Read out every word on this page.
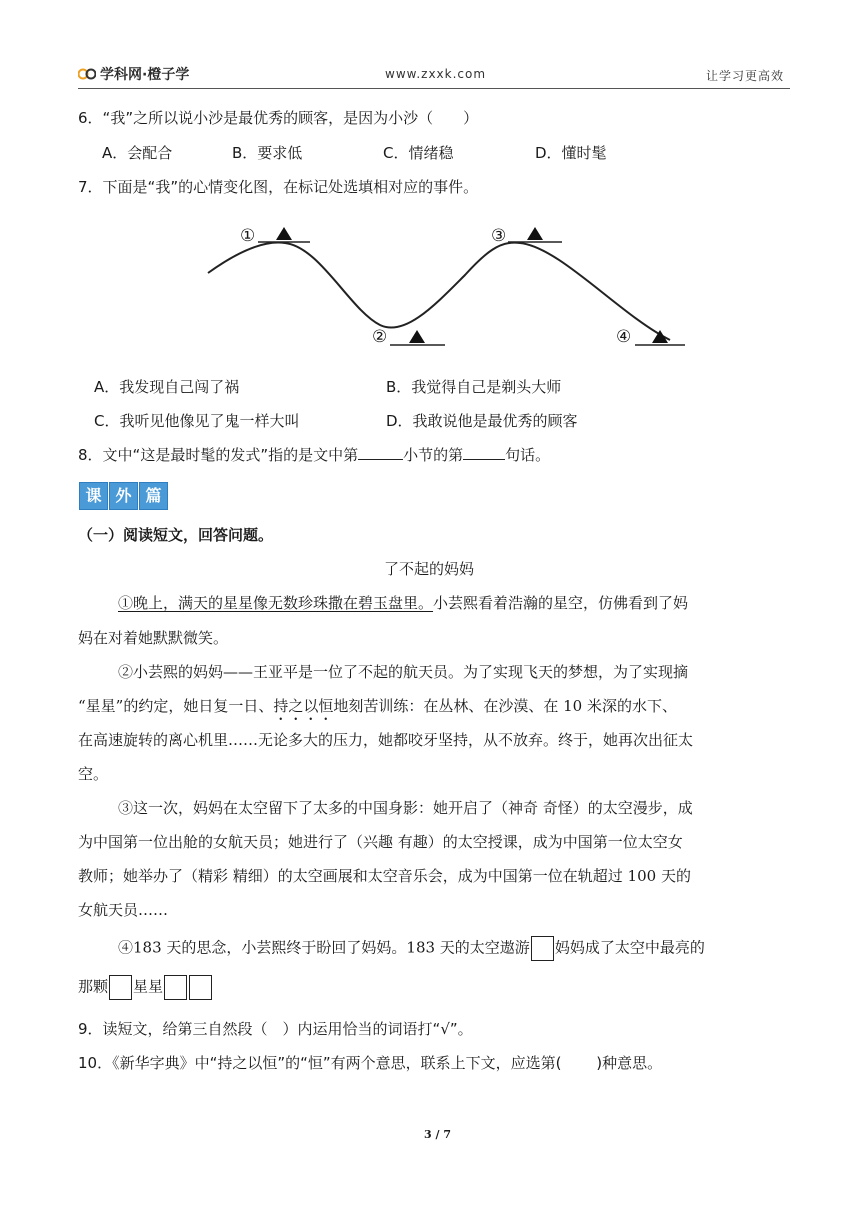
学科网·橙子学	www.zxxk.com	让学习更高效
6．“我”之所以说小沙是最优秀的顾客，是因为小沙（　　）
A．会配合	B．要求低	C．情绪稳	D．懂时髦
7．下面是“我”的心情变化图，在标记处选填相对应的事件。
①
②
③
④
A．我发现自己闯了祸	B．我觉得自己是剃头大师
C．我听见他像见了鬼一样大叫	D．我敢说他是最优秀的顾客
8．文中“这是最时髦的发式”指的是文中第	小节的第	句话。
课 外 篇
（一）阅读短文，回答问题。
了不起的妈妈
①晚上，满天的星星像无数珍珠撒在碧玉盘里。小芸熙看着浩瀚的星空，仿佛看到了妈
妈在对着她默默微笑。
②小芸熙的妈妈——王亚平是一位了不起的航天员。为了实现飞天的梦想，为了实现摘
“星星”的约定，她日复一日、持之以恒地刻苦训练：在丛林、在沙漠、在 10 米深的水下、
在高速旋转的离心机里……无论多大的压力，她都咬牙坚持，从不放弃。终于，她再次出征太
空。
③这一次，妈妈在太空留下了太多的中国身影：她开启了（神奇 奇怪）的太空漫步，成
为中国第一位出舱的女航天员；她进行了（兴趣 有趣）的太空授课，成为中国第一位太空女
教师；她举办了（精彩 精细）的太空画展和太空音乐会，成为中国第一位在轨超过 100 天的
女航天员……
④183 天的思念，小芸熙终于盼回了妈妈。183 天的太空遨游 妈妈成了太空中最亮的
那颗 星星
9．读短文，给第三自然段（　）内运用恰当的词语打“√”。
10．《新华字典》中“持之以恒”的“恒”有两个意思，联系上下文，应选第(　　 )种意思。
3 / 7
